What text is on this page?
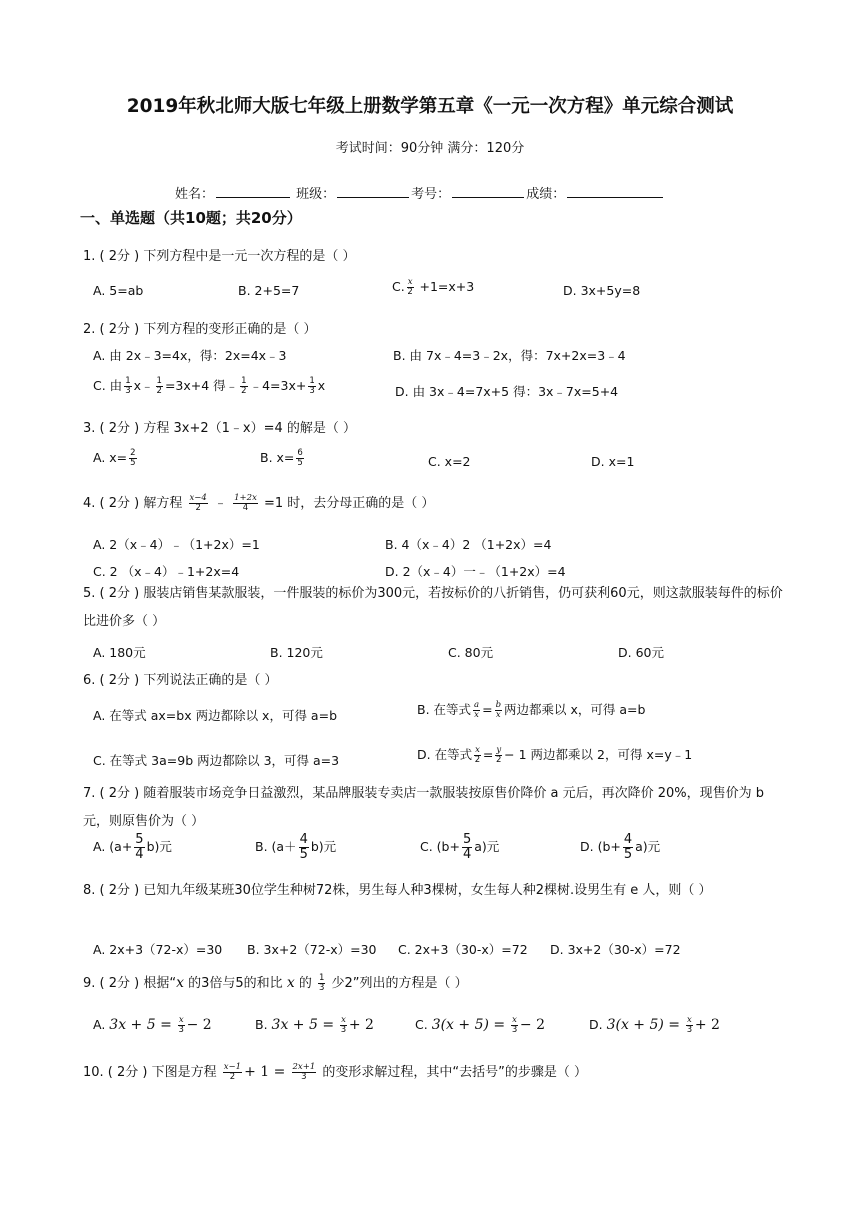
2019年秋北师大版七年级上册数学第五章《一元一次方程》单元综合测试
考试时间：90分钟 满分：120分
姓名：	班级：	考号：	成绩：
一、单选题（共10题；共20分）
1. ( 2分 ) 下列方程中是一元一次方程的是（ ）
A. 5=ab	B. 2+5=7	C. $\frac{x}{2} +1=x+3$	D. 3x+5y=8
2. ( 2分 ) 下列方程的变形正确的是（ ）
A. 由 2x﹣3=4x，得：2x=4x﹣3	B. 由 7x﹣4=3﹣2x，得：7x+2x=3﹣4
C. 由 $\frac{1}{3}$ x﹣ $\frac{1}{2} =3x+4$ 得﹣ $\frac{1}{2}$ ﹣4=3x+ $\frac{1}{3}$ x	D. 由 3x﹣4=7x+5 得：3x﹣7x=5+4
3. ( 2分 ) 方程 3x+2（1﹣x）=4 的解是（ ）
A. $x= \frac{2}{5}$	B. $x= \frac{6}{5}$	C. x=2	D. x=1
4. ( 2分 ) 解方程 $\frac{x-4}{2}$ ﹣ $\frac{1+2x}{4} =1$ 时，去分母正确的是（ ）
A. 2（x﹣4）﹣（1+2x）=1	B. 4（x﹣4）2 （1+2x）=4
C. 2 （x﹣4）﹣1+2x=4	D. 2（x﹣4）一﹣（1+2x）=4
5. ( 2分 ) 服装店销售某款服装，一件服装的标价为300元，若按标价的八折销售，仍可获利60元，则这款服装每件的标价比进价多（ ）
A. 180元	B. 120元	C. 80元	D. 60元
6. ( 2分 ) 下列说法正确的是（ ）
A. 在等式 ax=bx 两边都除以 x，可得 a=b	B. 在等式 $\frac{a}{x} = \frac{b}{x}$ 两边都乘以 x，可得 a=b
C. 在等式 3a=9b 两边都除以 3，可得 a=3	D. 在等式 $\frac{x}{2} = \frac{y}{2} - 1$ 两边都乘以 2，可得 x=y﹣1
7. ( 2分 ) 随着服装市场竞争日益激烈，某品牌服装专卖店一款服装按原售价降价 a 元后，再次降价 20%，现售价为 b 元，则原售价为（ ）
A. $(a+ \frac{5}{4} b)$元	B. $(a+ \frac{4}{5} b)$元	C. $(b+ \frac{5}{4} a)$元	D. $(b+ \frac{4}{5} a)$元
8. ( 2分 ) 已知九年级某班30位学生种树72株，男生每人种3棵树，女生每人种2棵树.设男生有 e 人，则（ ）
A. 2x+3（72-x）=30 B. 3x+2（72-x）=30 C. 2x+3（30-x）=72 D. 3x+2（30-x）=72
9. ( 2分 ) 根据“x 的3倍与5的和比 x 的 $\frac{1}{3}$ 少2”列出的方程是（ ）
A. $3x + 5 = \frac{x}{3} - 2$	B. $3x + 5 = \frac{x}{3} + 2$	C. $3(x + 5) = \frac{x}{3} - 2$	D. $3(x + 5) = \frac{x}{3} + 2$
10. ( 2分 ) 下图是方程 $\frac{x-1}{2} + 1 = \frac{2x+1}{3}$ 的变形求解过程，其中“去括号”的步骤是（ ）
